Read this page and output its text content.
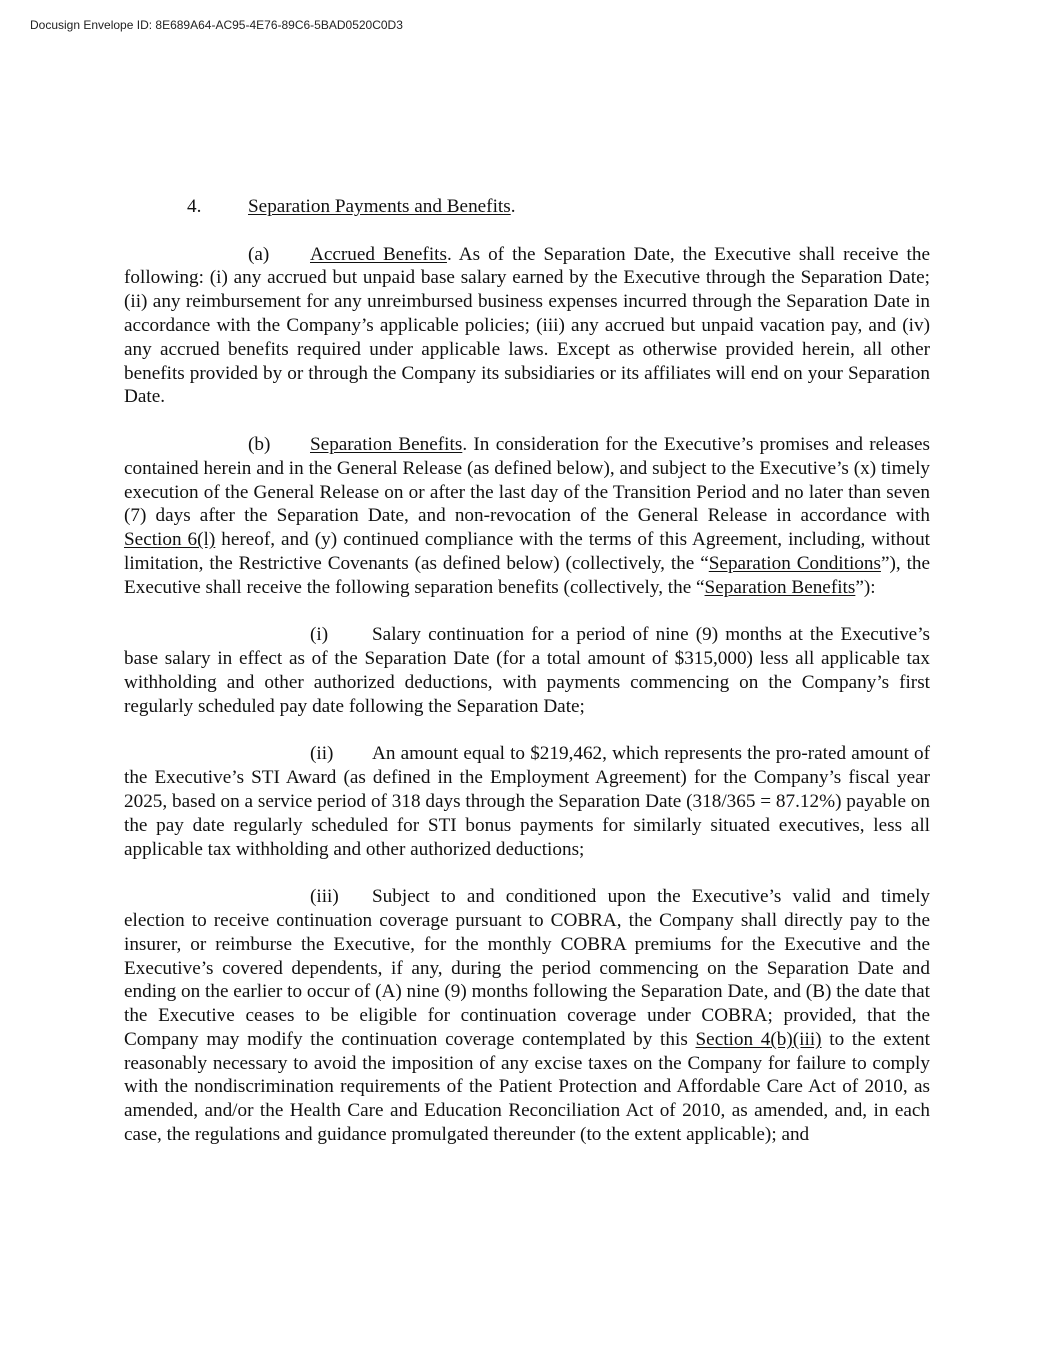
Docusign Envelope ID: 8E689A64-AC95-4E76-89C6-5BAD0520C0D3

4. Separation Payments and Benefits.

(a) Accrued Benefits. As of the Separation Date, the Executive shall receive the following: (i) any accrued but unpaid base salary earned by the Executive through the Separation Date; (ii) any reimbursement for any unreimbursed business expenses incurred through the Separation Date in accordance with the Company’s applicable policies; (iii) any accrued but unpaid vacation pay, and (iv) any accrued benefits required under applicable laws. Except as otherwise provided herein, all other benefits provided by or through the Company its subsidiaries or its affiliates will end on your Separation Date.

(b) Separation Benefits. In consideration for the Executive’s promises and releases contained herein and in the General Release (as defined below), and subject to the Executive’s (x) timely execution of the General Release on or after the last day of the Transition Period and no later than seven (7) days after the Separation Date, and non-revocation of the General Release in accordance with Section 6(l) hereof, and (y) continued compliance with the terms of this Agreement, including, without limitation, the Restrictive Covenants (as defined below) (collectively, the “Separation Conditions”), the Executive shall receive the following separation benefits (collectively, the “Separation Benefits”):

(i) Salary continuation for a period of nine (9) months at the Executive’s base salary in effect as of the Separation Date (for a total amount of $315,000) less all applicable tax withholding and other authorized deductions, with payments commencing on the Company’s first regularly scheduled pay date following the Separation Date;

(ii) An amount equal to $219,462, which represents the pro-rated amount of the Executive’s STI Award (as defined in the Employment Agreement) for the Company’s fiscal year 2025, based on a service period of 318 days through the Separation Date (318/365 = 87.12%) payable on the pay date regularly scheduled for STI bonus payments for similarly situated executives, less all applicable tax withholding and other authorized deductions;

(iii) Subject to and conditioned upon the Executive’s valid and timely election to receive continuation coverage pursuant to COBRA, the Company shall directly pay to the insurer, or reimburse the Executive, for the monthly COBRA premiums for the Executive and the Executive’s covered dependents, if any, during the period commencing on the Separation Date and ending on the earlier to occur of (A) nine (9) months following the Separation Date, and (B) the date that the Executive ceases to be eligible for continuation coverage under COBRA; provided, that the Company may modify the continuation coverage contemplated by this Section 4(b)(iii) to the extent reasonably necessary to avoid the imposition of any excise taxes on the Company for failure to comply with the nondiscrimination requirements of the Patient Protection and Affordable Care Act of 2010, as amended, and/or the Health Care and Education Reconciliation Act of 2010, as amended, and, in each case, the regulations and guidance promulgated thereunder (to the extent applicable); and
